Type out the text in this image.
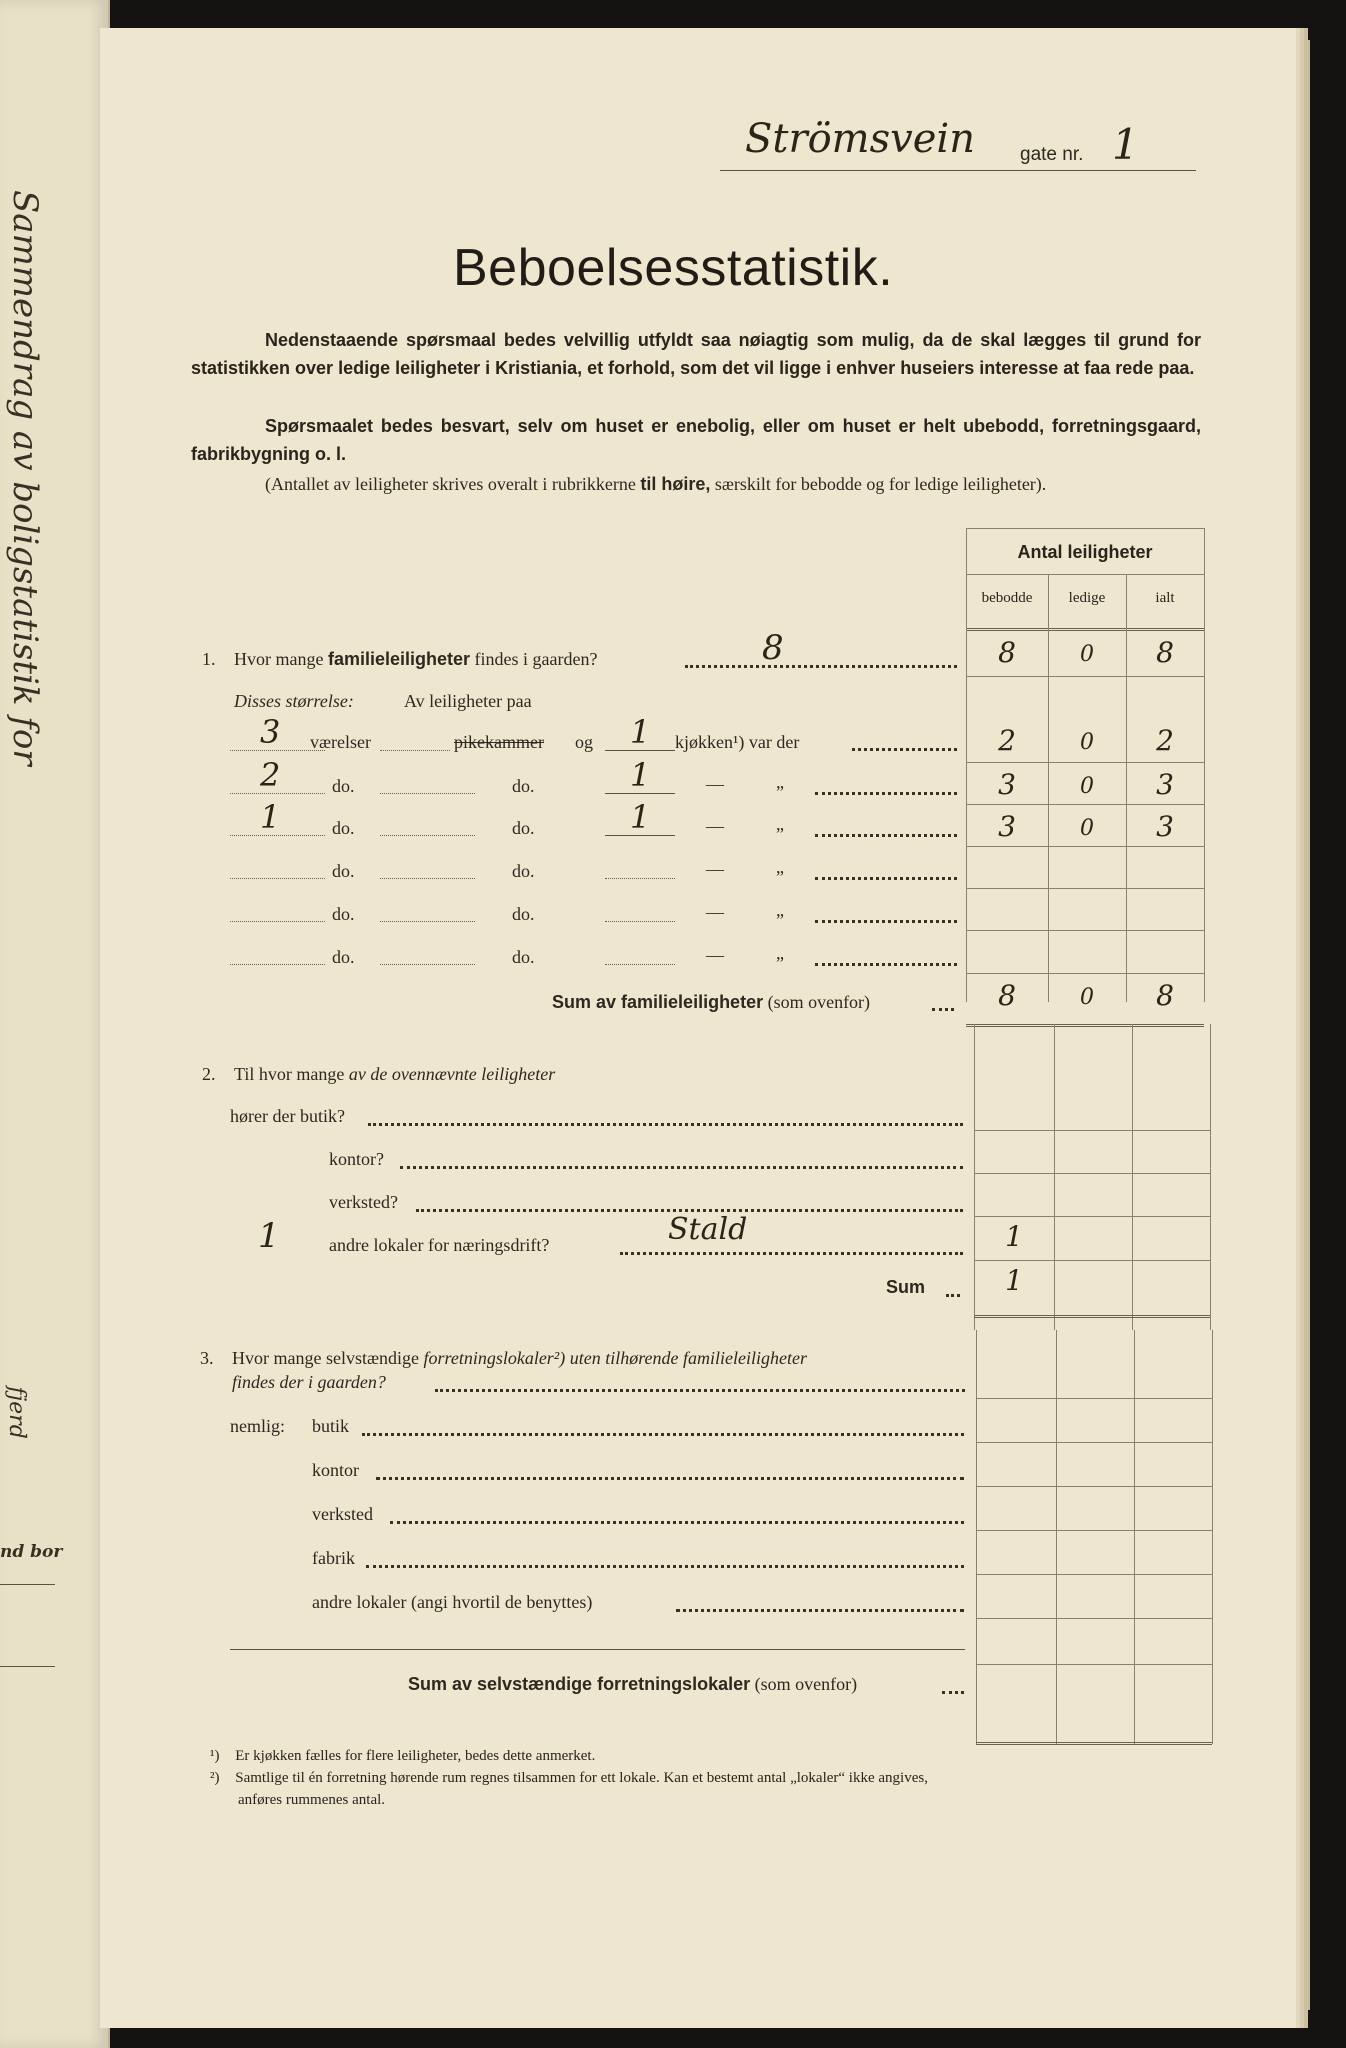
Sammendrag av boligstatistik for
fjerd
nd bor
Strömsvein gate nr. 1
Beboelsesstatistik.
Nedenstaaende spørsmaal bedes velvillig utfyldt saa nøiagtig som mulig, da de skal lægges til grund for statistikken over ledige leiligheter i Kristiania, et forhold, som det vil ligge i enhver huseiers interesse at faa rede paa.
Spørsmaalet bedes besvart, selv om huset er enebolig, eller om huset er helt ubebodd, forretningsgaard, fabrikbygning o. l.
(Antallet av leiligheter skrives overalt i rubrikkerne til høire, særskilt for bebodde og for ledige leiligheter).
Antal leiligheter
bebodde	ledige	ialt
1. Hvor mange familieleiligheter findes i gaarden?	8	8	0	8
Disses størrelse:	Av leiligheter paa
3 værelser	pikekammer og 1 kjøkken¹) var der	2	0	2
2	do.	do.	1	—	„	3	0	3
1	do.	do.	1	—	„	3	0	3
do.	do.	—	„
do.	do.	—	„
do.	do.	—	„
Sum av familieleiligheter (som ovenfor)	8	0	8
2. Til hvor mange av de ovennævnte leiligheter
hører der butik?
kontor?
verksted?
1	andre lokaler for næringsdrift?	Stald	1
Sum	1
3. Hvor mange selvstændige forretningslokaler²) uten tilhørende familieleiligheter
findes der i gaarden?
nemlig: butik
kontor
verksted
fabrik
andre lokaler (angi hvortil de benyttes)
Sum av selvstændige forretningslokaler (som ovenfor)
¹) Er kjøkken fælles for flere leiligheter, bedes dette anmerket.
²) Samtlige til én forretning hørende rum regnes tilsammen for ett lokale. Kan et bestemt antal „lokaler“ ikke angives,
anføres rummenes antal.
